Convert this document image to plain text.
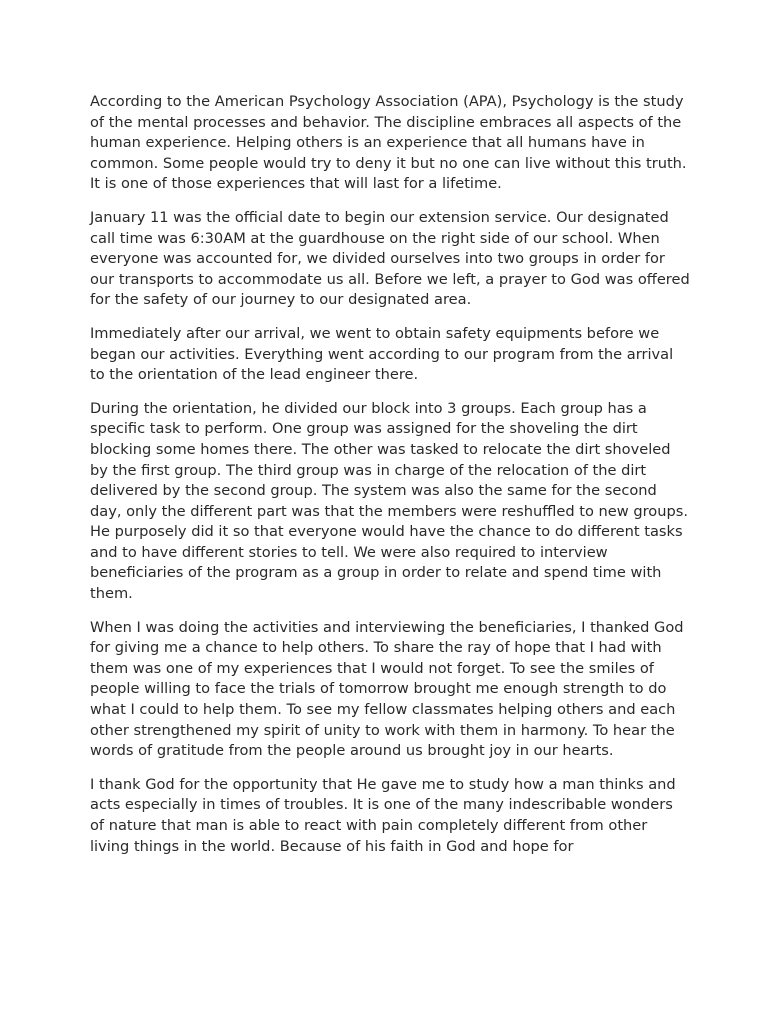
According to the American Psychology Association (APA), Psychology is the study of the mental processes and behavior. The discipline embraces all aspects of the human experience. Helping others is an experience that all humans have in common. Some people would try to deny it but no one can live without this truth. It is one of those experiences that will last for a lifetime.

January 11 was the official date to begin our extension service. Our designated call time was 6:30AM at the guardhouse on the right side of our school. When everyone was accounted for, we divided ourselves into two groups in order for our transports to accommodate us all. Before we left, a prayer to God was offered for the safety of our journey to our designated area.

Immediately after our arrival, we went to obtain safety equipments before we began our activities. Everything went according to our program from the arrival to the orientation of the lead engineer there.

During the orientation, he divided our block into 3 groups. Each group has a specific task to perform. One group was assigned for the shoveling the dirt blocking some homes there. The other was tasked to relocate the dirt shoveled by the first group. The third group was in charge of the relocation of the dirt delivered by the second group. The system was also the same for the second day, only the different part was that the members were reshuffled to new groups. He purposely did it so that everyone would have the chance to do different tasks and to have different stories to tell. We were also required to interview beneficiaries of the program as a group in order to relate and spend time with them.

When I was doing the activities and interviewing the beneficiaries, I thanked God for giving me a chance to help others. To share the ray of hope that I had with them was one of my experiences that I would not forget. To see the smiles of people willing to face the trials of tomorrow brought me enough strength to do what I could to help them. To see my fellow classmates helping others and each other strengthened my spirit of unity to work with them in harmony. To hear the words of gratitude from the people around us brought joy in our hearts.

I thank God for the opportunity that He gave me to study how a man thinks and acts especially in times of troubles. It is one of the many indescribable wonders of nature that man is able to react with pain completely different from other living things in the world. Because of his faith in God and hope for
